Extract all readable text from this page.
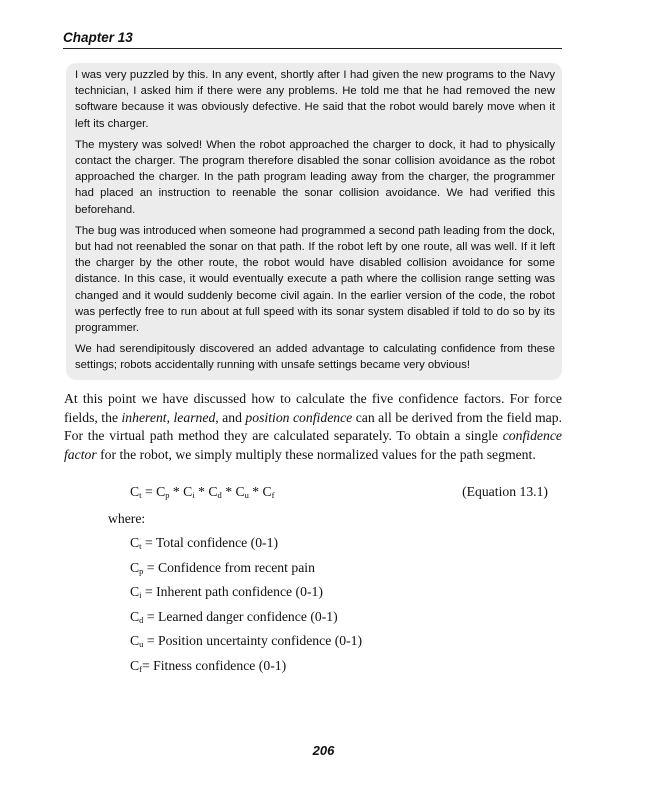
Chapter 13

I was very puzzled by this. In any event, shortly after I had given the new programs to the Navy technician, I asked him if there were any problems. He told me that he had removed the new software because it was obviously defective. He said that the robot would barely move when it left its charger.

The mystery was solved! When the robot approached the charger to dock, it had to physically contact the charger. The program therefore disabled the sonar collision avoidance as the robot approached the charger. In the path program leading away from the charger, the programmer had placed an instruction to reenable the sonar collision avoidance. We had verified this beforehand.

The bug was introduced when someone had programmed a second path leading from the dock, but had not reenabled the sonar on that path. If the robot left by one route, all was well. If it left the charger by the other route, the robot would have disabled collision avoidance for some distance. In this case, it would eventually execute a path where the collision range setting was changed and it would suddenly become civil again. In the earlier version of the code, the robot was perfectly free to run about at full speed with its sonar system disabled if told to do so by its programmer.

We had serendipitously discovered an added advantage to calculating confidence from these settings; robots accidentally running with unsafe settings became very obvious!

At this point we have discussed how to calculate the five confidence factors. For force fields, the inherent, learned, and position confidence can all be derived from the field map. For the virtual path method they are calculated separately. To obtain a single confidence factor for the robot, we simply multiply these normalized values for the path segment.

$C_t = C_p * C_i * C_d * C_u * C_f$	(Equation 13.1)
where:
$C_t$ = Total confidence (0-1)
$C_p$ = Confidence from recent pain
$C_i$ = Inherent path confidence (0-1)
$C_d$ = Learned danger confidence (0-1)
$C_u$ = Position uncertainty confidence (0-1)
$C_f=$ Fitness confidence (0-1)
206
